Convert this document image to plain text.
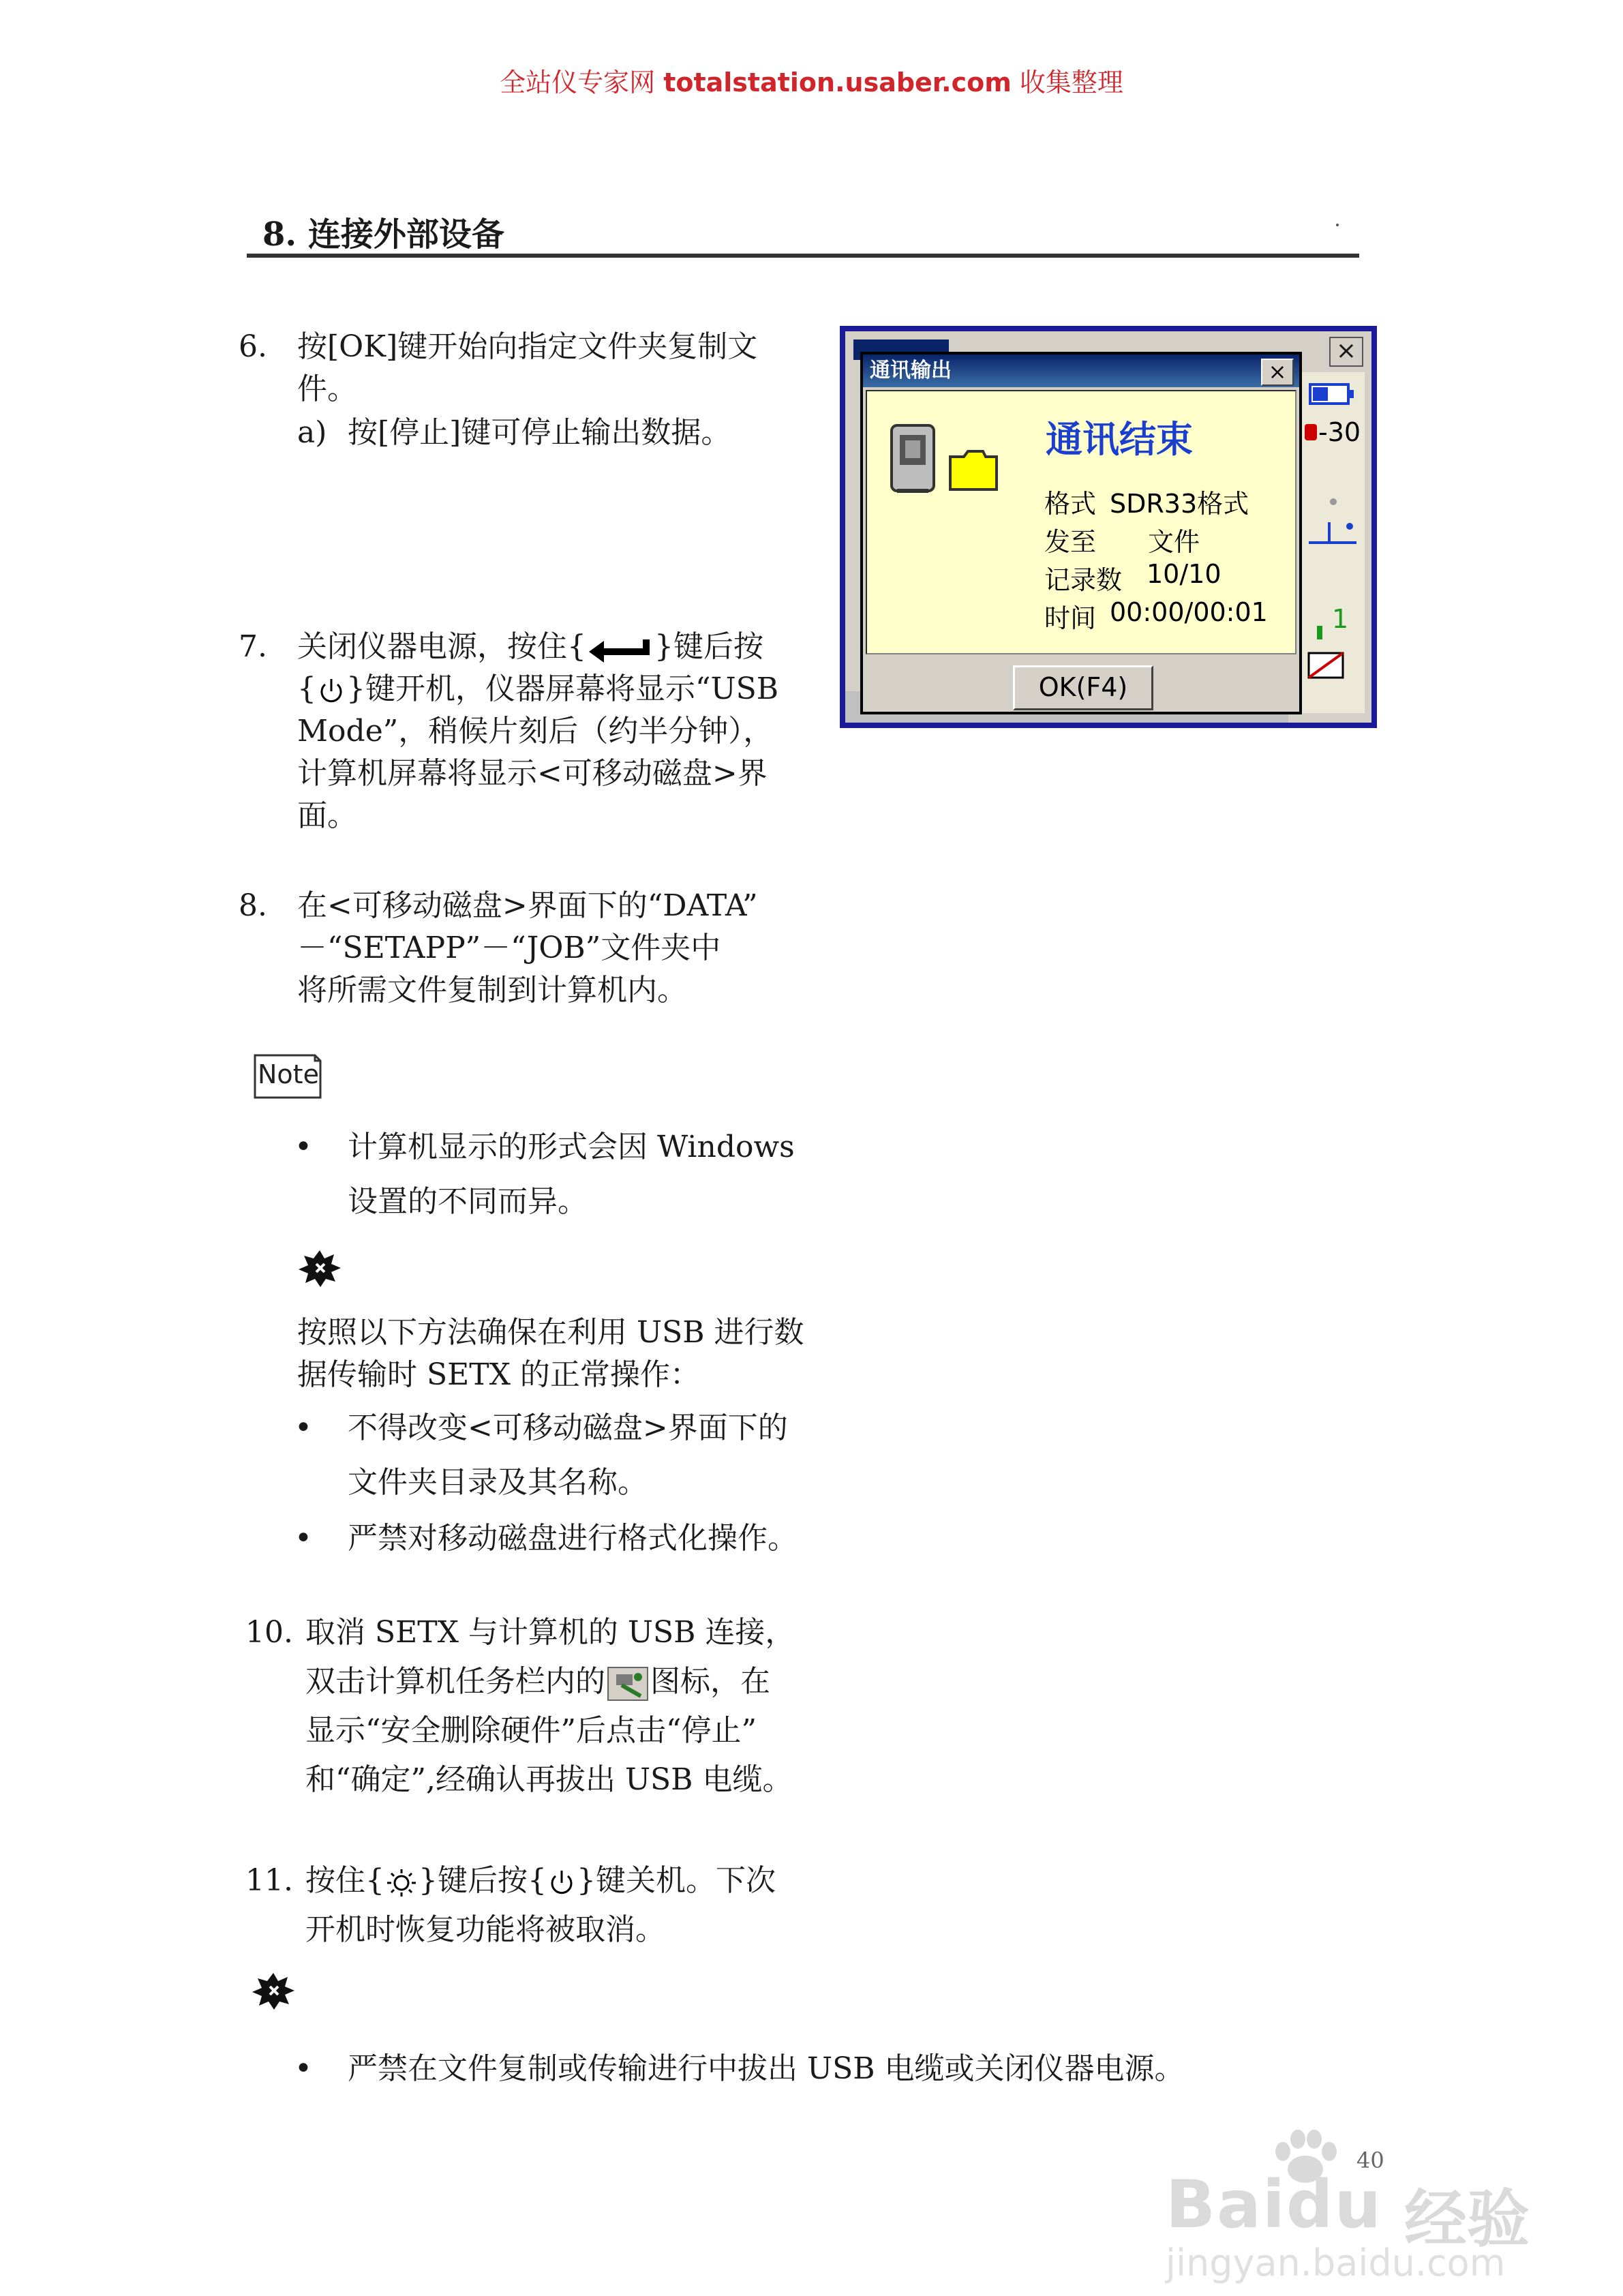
全站仪专家网 totalstation.usaber.com 收集整理
8. 连接外部设备
6.	按[OK]键开始向指定文件夹复制文
件。
a) 按[停止]键可停止输出数据。
×
-30
1
通讯输出	×
通讯结束
格式 SDR33格式
发至 文件
记录数 10/10
时间 00:00/00:01
OK(F4)
7.	关闭仪器电源，按住{ }键后按
{ }键开机，仪器屏幕将显示“USB
Mode”，稍候片刻后（约半分钟），
计算机屏幕将显示<可移动磁盘>界
面。
8.	在<可移动磁盘>界面下的“DATA”
－“SETAPP”－“JOB”文件夹中
将所需文件复制到计算机内。
Note
• 计算机显示的形式会因 Windows
设置的不同而异。
按照以下方法确保在利用 USB 进行数
据传输时 SETX 的正常操作：
• 不得改变<可移动磁盘>界面下的
文件夹目录及其名称。
• 严禁对移动磁盘进行格式化操作。
10. 取消 SETX 与计算机的 USB 连接，
双击计算机任务栏内的 图标，在
显示“安全删除硬件”后点击“停止”
和“确定”,经确认再拔出 USB 电缆。
11. 按住{ }键后按{ }键关机。下次
开机时恢复功能将被取消。
• 严禁在文件复制或传输进行中拔出 USB 电缆或关闭仪器电源。
Baidu 经验
jingyan.baidu.com
40
